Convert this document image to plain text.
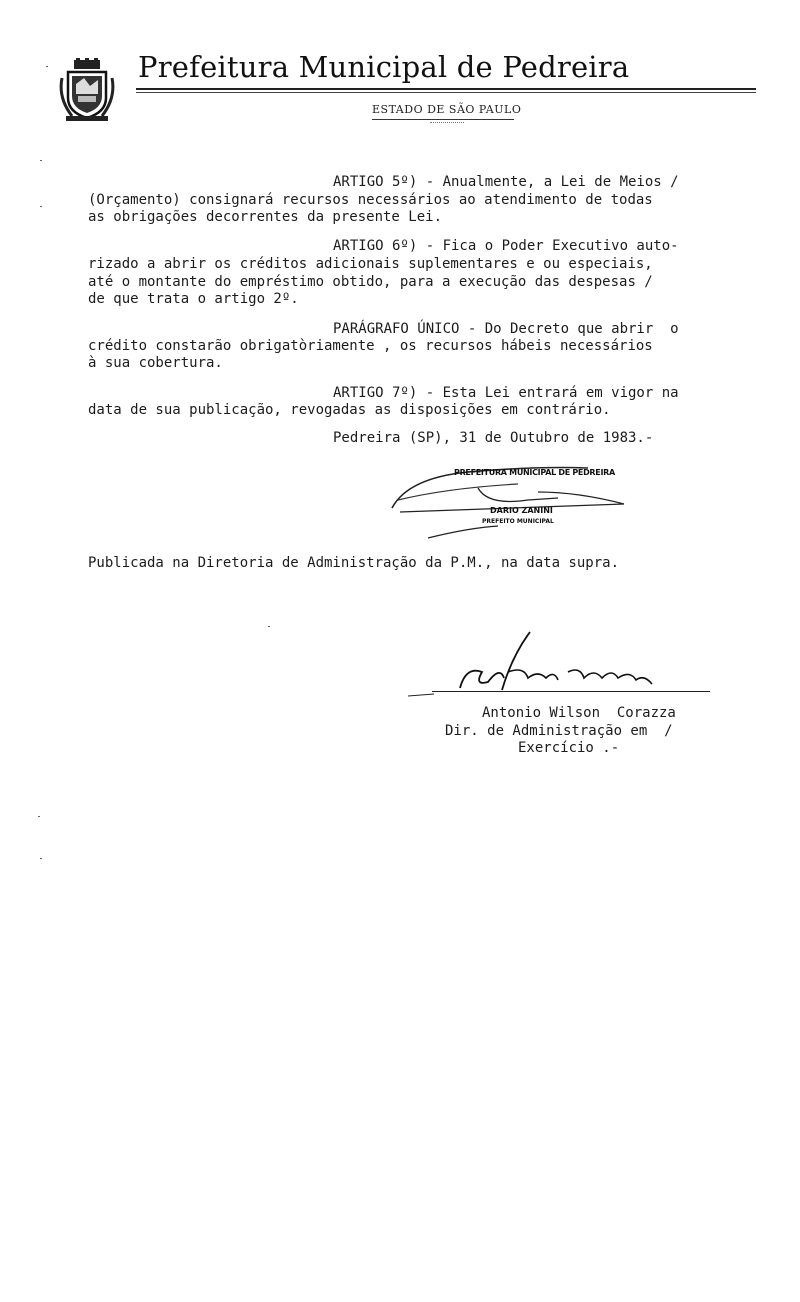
Prefeitura Municipal de Pedreira
ESTADO DE SÃO PAULO
ARTIGO 5º) - Anualmente, a Lei de Meios /
(Orçamento) consignará recursos necessários ao atendimento de todas
as obrigações decorrentes da presente Lei.
ARTIGO 6º) - Fica o Poder Executivo auto-
rizado a abrir os créditos adicionais suplementares e ou especiais,
até o montante do empréstimo obtido, para a execução das despesas /
de que trata o artigo 2º.
PARÁGRAFO ÚNICO - Do Decreto que abrir  o
crédito constarão obrigatòriamente , os recursos hábeis necessários
à sua cobertura.
ARTIGO 7º) - Esta Lei entrará em vigor na
data de sua publicação, revogadas as disposições em contrário.
Pedreira (SP), 31 de Outubro de 1983.-
PREFEITURA MUNICIPAL DE PEDREIRA
DARIO ZANINI
PREFEITO MUNICIPAL
Publicada na Diretoria de Administração da P.M., na data supra.
Antonio Wilson  Corazza
Dir. de Administração em  /
Exercício .-
